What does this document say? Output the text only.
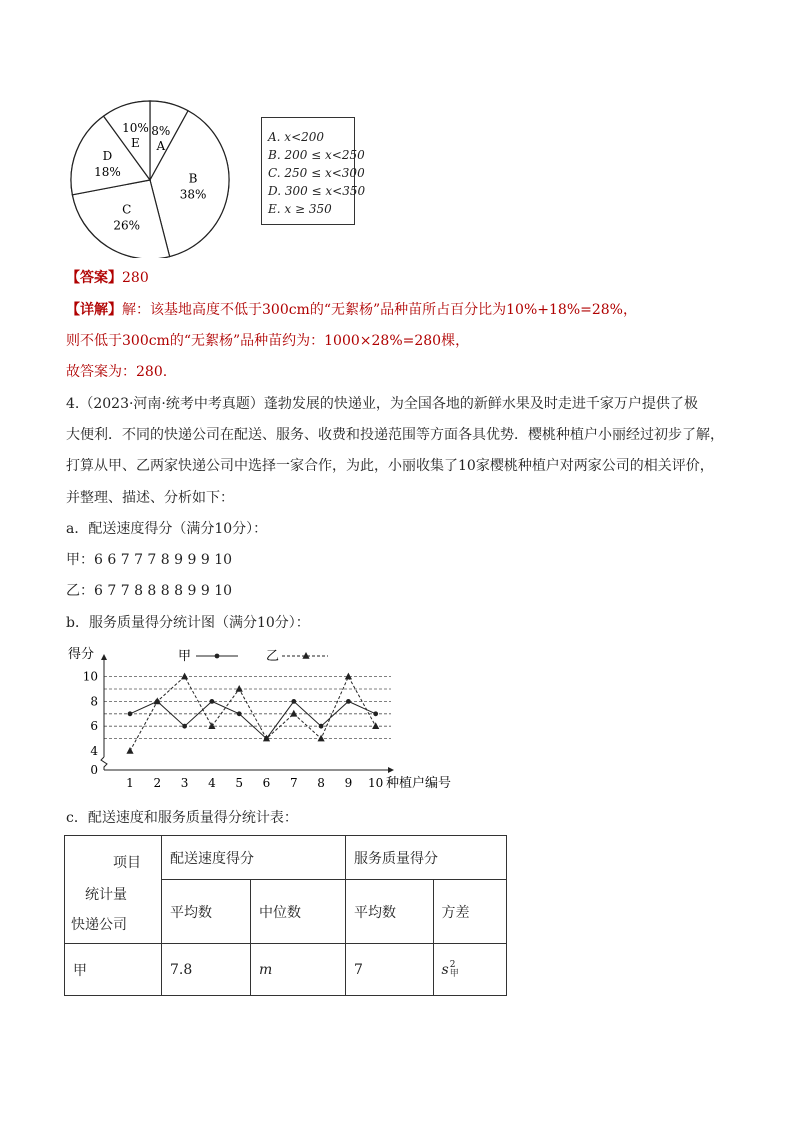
8%
A
B
38%
C
26%
D
18%
10%
E	A. x<200
B. 200 ≤ x<250
C. 250 ≤ x<300
D. 300 ≤ x<350
E. x ≥ 350
【答案】280
【详解】解：该基地高度不低于300cm的“无絮杨”品种苗所占百分比为10%+18%=28%，
则不低于300cm的“无絮杨”品种苗约为：1000×28%=280棵，
故答案为：280.
4.（2023·河南·统考中考真题）蓬勃发展的快递业，为全国各地的新鲜水果及时走进千家万户提供了极
大便利．不同的快递公司在配送、服务、收费和投递范围等方面各具优势．樱桃种植户小丽经过初步了解，
打算从甲、乙两家快递公司中选择一家合作，为此，小丽收集了10家樱桃种植户对两家公司的相关评价，
并整理、描述、分析如下：
a．配送速度得分（满分10分）：
甲：6 6 7 7 7 8 9 9 9 10
乙：6 7 7 8 8 8 8 9 9 10
b．服务质量得分统计图（满分10分）：
0
4
6
8
10
得分
1 2 3 4 5 6 7 8 9 10 种植户编号
甲	乙
c．配送速度和服务质量得分统计表：
项目
统计量
快递公司	配送速度得分		服务质量得分	
	平均数	中位数	平均数	方差
甲	7.8	m	7	s 2
甲
